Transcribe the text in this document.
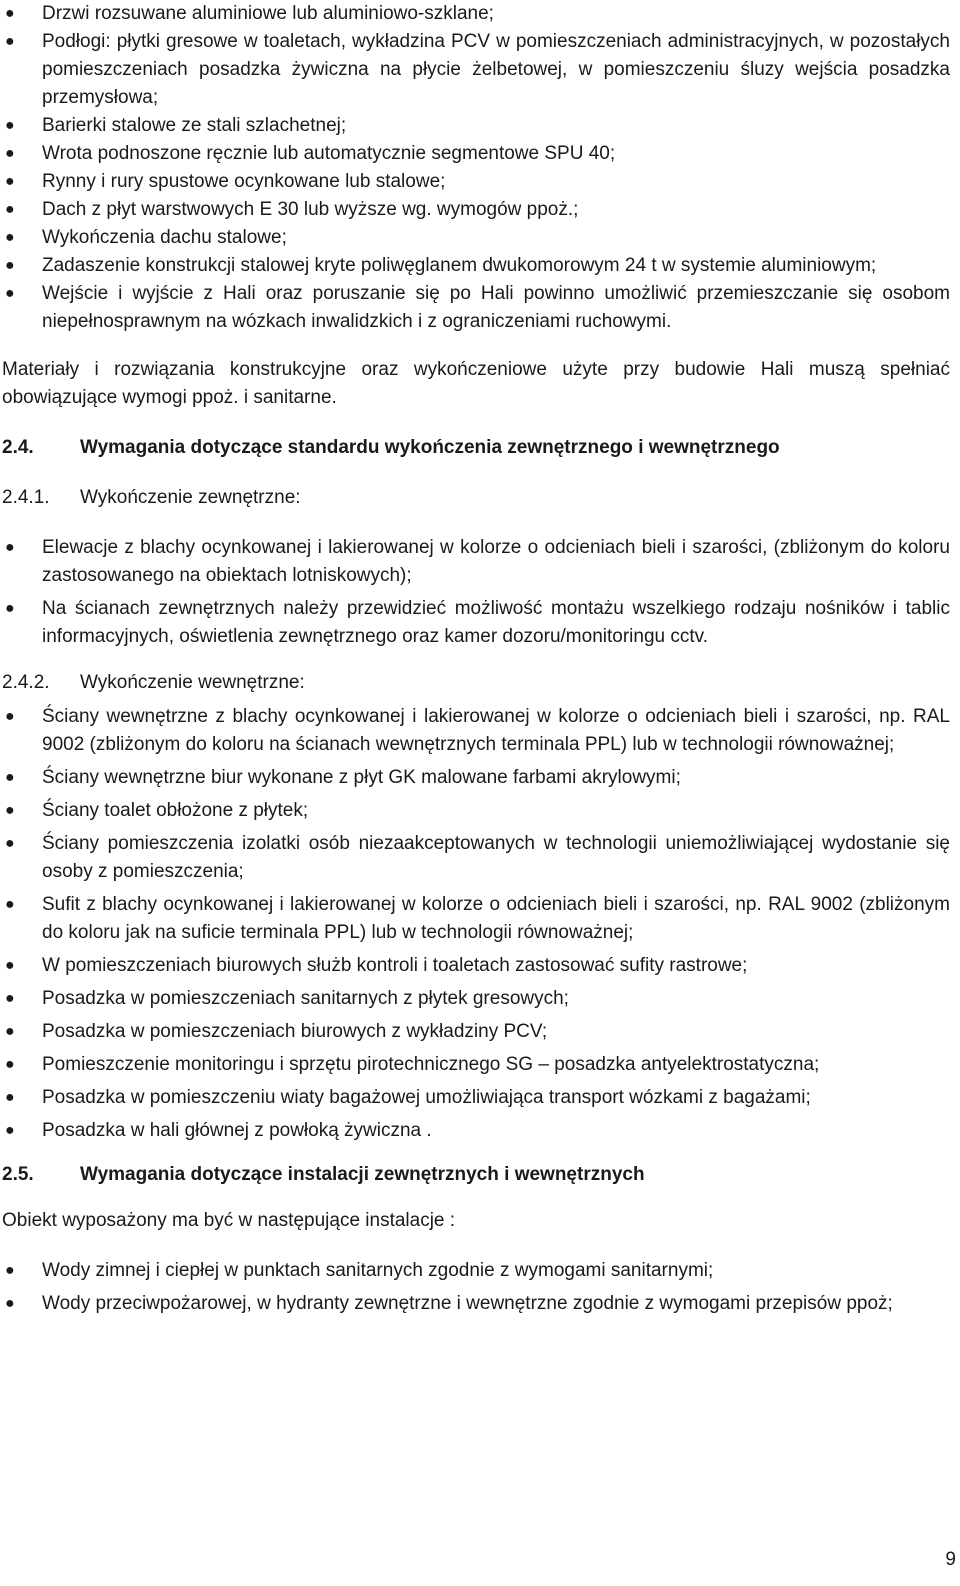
● Drzwi rozsuwane aluminiowe lub aluminiowo-szklane;
● Podłogi: płytki gresowe w toaletach, wykładzina PCV w pomieszczeniach administracyjnych, w pozostałych pomieszczeniach posadzka żywiczna na płycie żelbetowej, w pomieszczeniu śluzy wejścia posadzka przemysłowa;
● Barierki stalowe ze stali szlachetnej;
● Wrota podnoszone ręcznie lub automatycznie segmentowe SPU 40;
● Rynny i rury spustowe ocynkowane lub stalowe;
● Dach z płyt warstwowych E 30 lub wyższe wg. wymogów ppoż.;
● Wykończenia dachu stalowe;
● Zadaszenie konstrukcji stalowej kryte poliwęglanem dwukomorowym 24 t w systemie aluminiowym;
● Wejście i wyjście z Hali oraz poruszanie się po Hali powinno umożliwić przemieszczanie się osobom niepełnosprawnym na wózkach inwalidzkich i z ograniczeniami ruchowymi.

Materiały i rozwiązania konstrukcyjne oraz wykończeniowe użyte przy budowie Hali muszą spełniać obowiązujące wymogi ppoż. i sanitarne.

2.4.	Wymagania dotyczące standardu wykończenia zewnętrznego i wewnętrznego
2.4.1.	Wykończenie zewnętrzne:
● Elewacje z blachy ocynkowanej i lakierowanej w kolorze o odcieniach bieli i szarości, (zbliżonym do koloru zastosowanego na obiektach lotniskowych);
● Na ścianach zewnętrznych należy przewidzieć możliwość montażu wszelkiego rodzaju nośników i tablic informacyjnych, oświetlenia zewnętrznego oraz kamer dozoru/monitoringu cctv.
2.4.2.	Wykończenie wewnętrzne:
● Ściany wewnętrzne z blachy ocynkowanej i lakierowanej w kolorze o odcieniach bieli i szarości, np. RAL 9002 (zbliżonym do koloru na ścianach wewnętrznych terminala PPL) lub w technologii równoważnej;
● Ściany wewnętrzne biur wykonane z płyt GK malowane farbami akrylowymi;
● Ściany toalet obłożone z płytek;
● Ściany pomieszczenia izolatki osób niezaakceptowanych w technologii uniemożliwiającej wydostanie się osoby z pomieszczenia;
● Sufit z blachy ocynkowanej i lakierowanej w kolorze o odcieniach bieli i szarości, np. RAL 9002 (zbliżonym do koloru jak na suficie terminala PPL) lub w technologii równoważnej;
● W pomieszczeniach biurowych służb kontroli i toaletach zastosować sufity rastrowe;
● Posadzka w pomieszczeniach sanitarnych z płytek gresowych;
● Posadzka w pomieszczeniach biurowych z wykładziny PCV;
● Pomieszczenie monitoringu i sprzętu pirotechnicznego SG – posadzka antyelektrostatyczna;
● Posadzka w pomieszczeniu wiaty bagażowej umożliwiająca transport wózkami z bagażami;
● Posadzka w hali głównej z powłoką żywiczna .
2.5.	Wymagania dotyczące instalacji zewnętrznych i wewnętrznych

Obiekt wyposażony ma być w następujące instalacje :

● Wody zimnej i ciepłej w punktach sanitarnych zgodnie z wymogami sanitarnymi;
● Wody przeciwpożarowej, w hydranty zewnętrzne i wewnętrzne zgodnie z wymogami przepisów ppoż;
9
